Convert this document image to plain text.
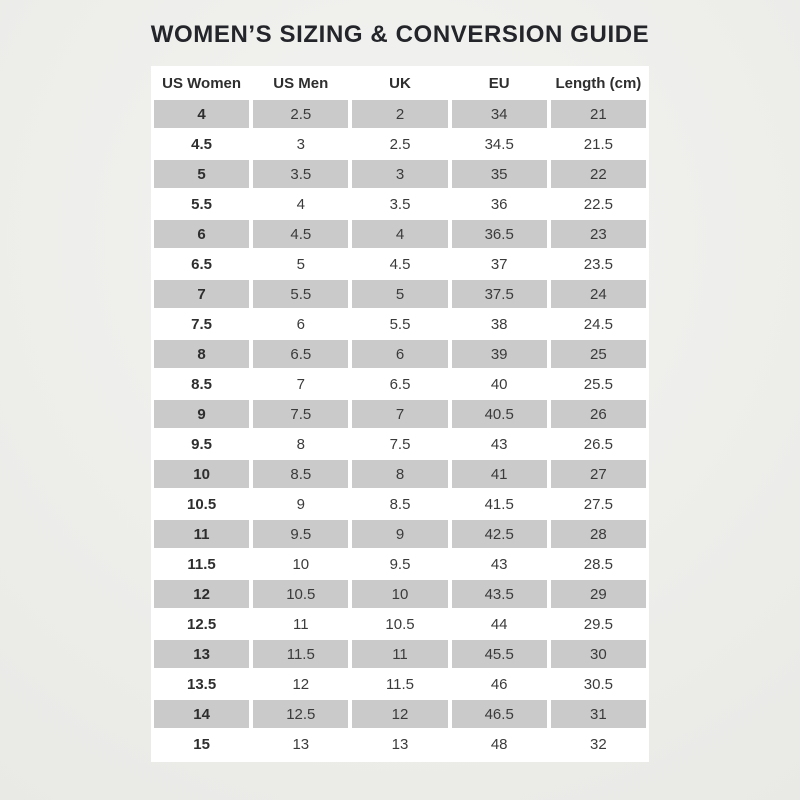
WOMEN’S SIZING & CONVERSION GUIDE
US Women	US Men	UK	EU	Length (cm)
4	2.5	2	34	21
4.5	3	2.5	34.5	21.5
5	3.5	3	35	22
5.5	4	3.5	36	22.5
6	4.5	4	36.5	23
6.5	5	4.5	37	23.5
7	5.5	5	37.5	24
7.5	6	5.5	38	24.5
8	6.5	6	39	25
8.5	7	6.5	40	25.5
9	7.5	7	40.5	26
9.5	8	7.5	43	26.5
10	8.5	8	41	27
10.5	9	8.5	41.5	27.5
11	9.5	9	42.5	28
11.5	10	9.5	43	28.5
12	10.5	10	43.5	29
12.5	11	10.5	44	29.5
13	11.5	11	45.5	30
13.5	12	11.5	46	30.5
14	12.5	12	46.5	31
15	13	13	48	32
